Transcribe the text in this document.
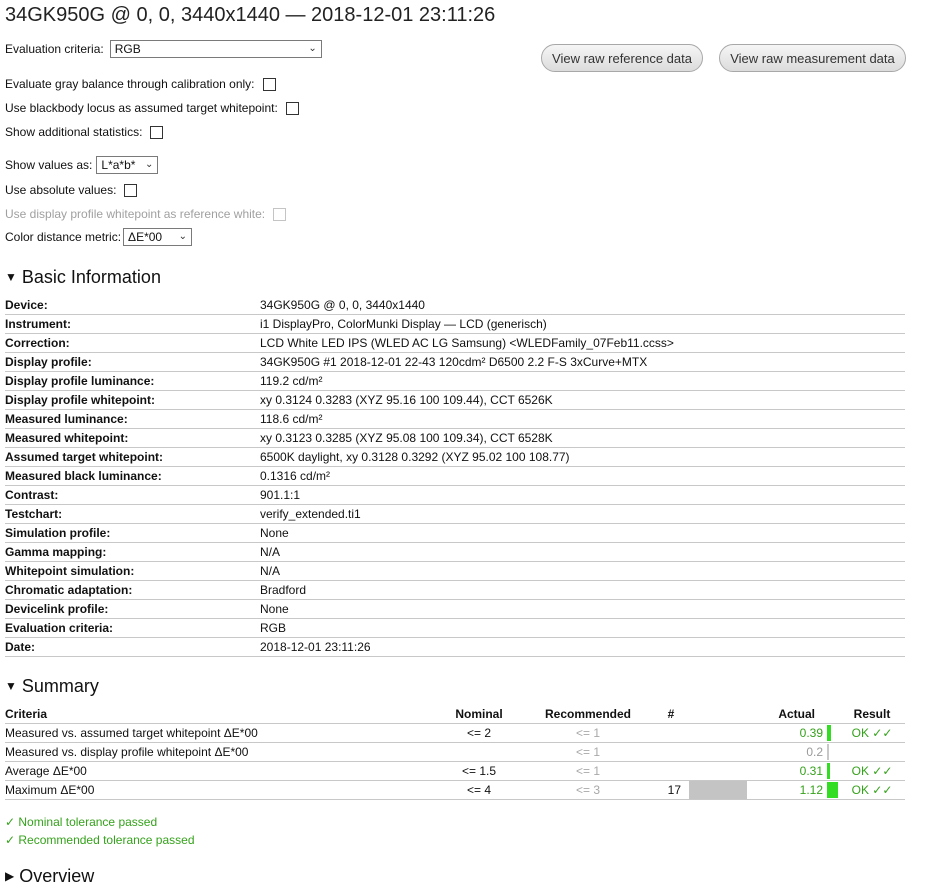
34GK950G @ 0, 0, 3440x1440 — 2018-12-01 23:11:26
Evaluation criteria: RGB	⌄
View raw reference data	View raw measurement data
Evaluate gray balance through calibration only:
Use blackbody locus as assumed target whitepoint:
Show additional statistics:
Show values as: L*a*b* ⌄
Use absolute values:
Use display profile whitepoint as reference white:
Color distance metric: ΔE*00 ⌄
▼ Basic Information
Device:	34GK950G @ 0, 0, 3440x1440
Instrument:	i1 DisplayPro, ColorMunki Display — LCD (generisch)
Correction:	LCD White LED IPS (WLED AC LG Samsung) <WLEDFamily_07Feb11.ccss>
Display profile:	34GK950G #1 2018-12-01 22-43 120cdm² D6500 2.2 F-S 3xCurve+MTX
Display profile luminance:	119.2 cd/m²
Display profile whitepoint:	xy 0.3124 0.3283 (XYZ 95.16 100 109.44), CCT 6526K
Measured luminance:	118.6 cd/m²
Measured whitepoint:	xy 0.3123 0.3285 (XYZ 95.08 100 109.34), CCT 6528K
Assumed target whitepoint:	6500K daylight, xy 0.3128 0.3292 (XYZ 95.02 100 108.77)
Measured black luminance:	0.1316 cd/m²
Contrast:	901.1:1
Testchart:	verify_extended.ti1
Simulation profile:	None
Gamma mapping:	N/A
Whitepoint simulation:	N/A
Chromatic adaptation:	Bradford
Devicelink profile:	None
Evaluation criteria:	RGB
Date:	2018-12-01 23:11:26
▼ Summary
Criteria	Nominal	Recommended	#		Actual		Result
Measured vs. assumed target whitepoint ΔE*00	<= 2	<= 1			0.39		OK ✓✓
Measured vs. display profile whitepoint ΔE*00		<= 1			0.2	

Average ΔE*00	<= 1.5	<= 1			0.31		OK ✓✓
Maximum ΔE*00	<= 4	<= 3	17		1.12		OK ✓✓
✓ Nominal tolerance passed
✓ Recommended tolerance passed
▶ Overview
